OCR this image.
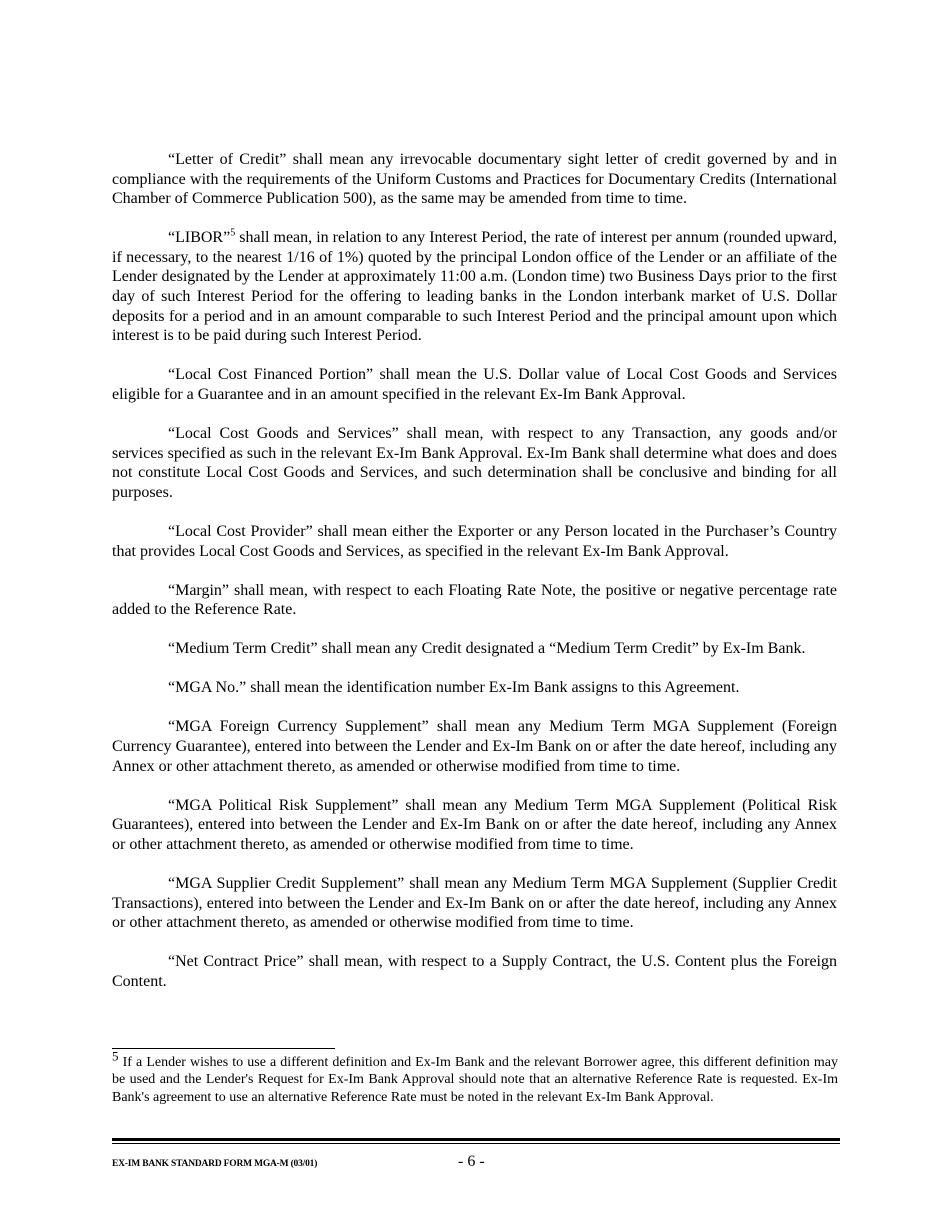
“Letter of Credit” shall mean any irrevocable documentary sight letter of credit governed by and in compliance with the requirements of the Uniform Customs and Practices for Documentary Credits (International Chamber of Commerce Publication 500), as the same may be amended from time to time.

“LIBOR”$^5$ shall mean, in relation to any Interest Period, the rate of interest per annum (rounded upward, if necessary, to the nearest 1/16 of 1%) quoted by the principal London office of the Lender or an affiliate of the Lender designated by the Lender at approximately 11:00 a.m. (London time) two Business Days prior to the first day of such Interest Period for the offering to leading banks in the London interbank market of U.S. Dollar deposits for a period and in an amount comparable to such Interest Period and the principal amount upon which interest is to be paid during such Interest Period.

“Local Cost Financed Portion” shall mean the U.S. Dollar value of Local Cost Goods and Services eligible for a Guarantee and in an amount specified in the relevant Ex-Im Bank Approval.

“Local Cost Goods and Services” shall mean, with respect to any Transaction, any goods and/or services specified as such in the relevant Ex-Im Bank Approval. Ex-Im Bank shall determine what does and does not constitute Local Cost Goods and Services, and such determination shall be conclusive and binding for all purposes.

“Local Cost Provider” shall mean either the Exporter or any Person located in the Purchaser’s Country that provides Local Cost Goods and Services, as specified in the relevant Ex-Im Bank Approval.

“Margin” shall mean, with respect to each Floating Rate Note, the positive or negative percentage rate added to the Reference Rate.

“Medium Term Credit” shall mean any Credit designated a “Medium Term Credit” by Ex-Im Bank.

“MGA No.” shall mean the identification number Ex-Im Bank assigns to this Agreement.

“MGA Foreign Currency Supplement” shall mean any Medium Term MGA Supplement (Foreign Currency Guarantee), entered into between the Lender and Ex-Im Bank on or after the date hereof, including any Annex or other attachment thereto, as amended or otherwise modified from time to time.

“MGA Political Risk Supplement” shall mean any Medium Term MGA Supplement (Political Risk Guarantees), entered into between the Lender and Ex-Im Bank on or after the date hereof, including any Annex or other attachment thereto, as amended or otherwise modified from time to time.

“MGA Supplier Credit Supplement” shall mean any Medium Term MGA Supplement (Supplier Credit Transactions), entered into between the Lender and Ex-Im Bank on or after the date hereof, including any Annex or other attachment thereto, as amended or otherwise modified from time to time.

“Net Contract Price” shall mean, with respect to a Supply Contract, the U.S. Content plus the Foreign Content.

$^5$ If a Lender wishes to use a different definition and Ex-Im Bank and the relevant Borrower agree, this different definition may be used and the Lender's Request for Ex-Im Bank Approval should note that an alternative Reference Rate is requested. Ex-Im Bank's agreement to use an alternative Reference Rate must be noted in the relevant Ex-Im Bank Approval.

EX-IM BANK STANDARD FORM MGA-M (03/01)	- 6 -
